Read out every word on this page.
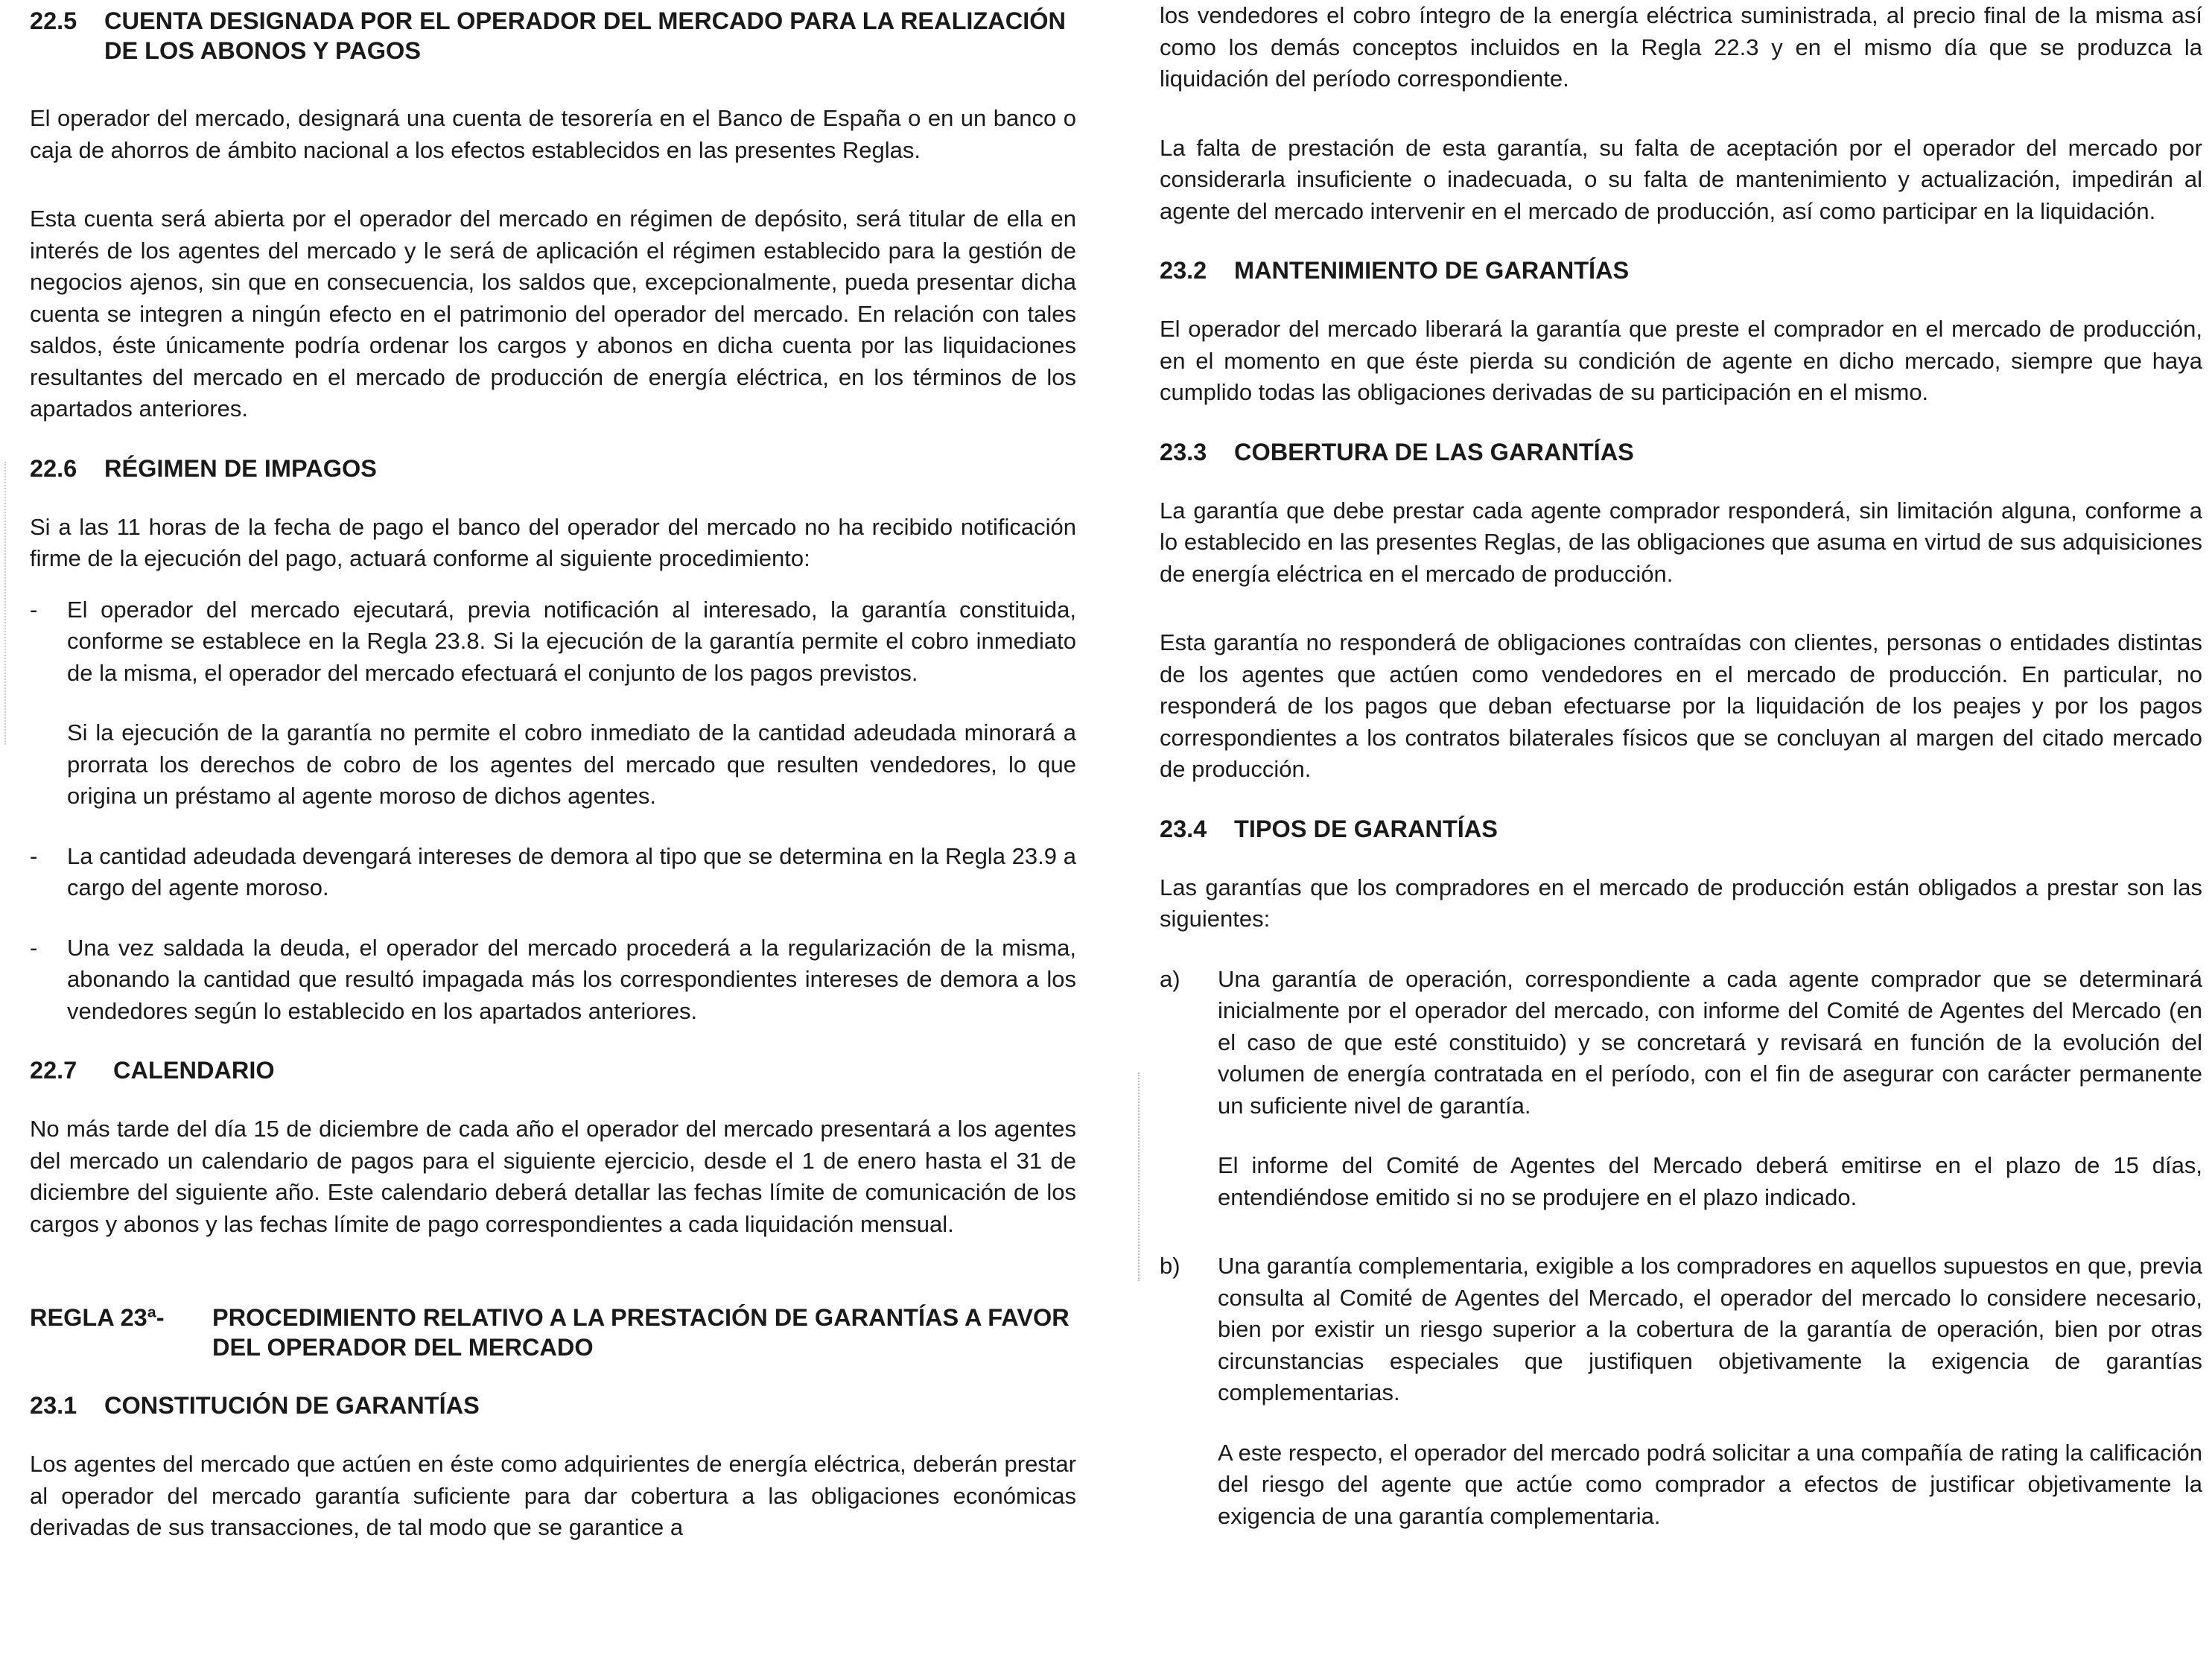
22.5	CUENTA DESIGNADA POR EL OPERADOR DEL MERCADO PARA LA REALIZACIÓN DE LOS ABONOS Y PAGOS

El operador del mercado, designará una cuenta de tesorería en el Banco de España o en un banco o caja de ahorros de ámbito nacional a los efectos establecidos en las presentes Reglas.

Esta cuenta será abierta por el operador del mercado en régimen de depósito, será titular de ella en interés de los agentes del mercado y le será de aplicación el régimen establecido para la gestión de negocios ajenos, sin que en consecuencia, los saldos que, excepcionalmente, pueda presentar dicha cuenta se integren a ningún efecto en el patrimonio del operador del mercado. En relación con tales saldos, éste únicamente podría ordenar los cargos y abonos en dicha cuenta por las liquidaciones resultantes del mercado en el mercado de producción de energía eléctrica, en los términos de los apartados anteriores.

22.6	RÉGIMEN DE IMPAGOS

Si a las 11 horas de la fecha de pago el banco del operador del mercado no ha recibido notificación firme de la ejecución del pago, actuará conforme al siguiente procedimiento:

-	El operador del mercado ejecutará, previa notificación al interesado, la garantía constituida, conforme se establece en la Regla 23.8. Si la ejecución de la garantía permite el cobro inmediato de la misma, el operador del mercado efectuará el conjunto de los pagos previstos.

Si la ejecución de la garantía no permite el cobro inmediato de la cantidad adeudada minorará a prorrata los derechos de cobro de los agentes del mercado que resulten vendedores, lo que origina un préstamo al agente moroso de dichos agentes.

-	La cantidad adeudada devengará intereses de demora al tipo que se determina en la Regla 23.9 a cargo del agente moroso.

-	Una vez saldada la deuda, el operador del mercado procederá a la regularización de la misma, abonando la cantidad que resultó impagada más los correspondientes intereses de demora a los vendedores según lo establecido en los apartados anteriores.

22.7	CALENDARIO

No más tarde del día 15 de diciembre de cada año el operador del mercado presentará a los agentes del mercado un calendario de pagos para el siguiente ejercicio, desde el 1 de enero hasta el 31 de diciembre del siguiente año. Este calendario deberá detallar las fechas límite de comunicación de los cargos y abonos y las fechas límite de pago correspondientes a cada liquidación mensual.

REGLA 23ª-	PROCEDIMIENTO RELATIVO A LA PRESTACIÓN DE GARANTÍAS A FAVOR DEL OPERADOR DEL MERCADO
23.1	CONSTITUCIÓN DE GARANTÍAS

Los agentes del mercado que actúen en éste como adquirientes de energía eléctrica, deberán prestar al operador del mercado garantía suficiente para dar cobertura a las obligaciones económicas derivadas de sus transacciones, de tal modo que se garantice a

los vendedores el cobro íntegro de la energía eléctrica suministrada, al precio final de la misma así como los demás conceptos incluidos en la Regla 22.3 y en el mismo día que se produzca la liquidación del período correspondiente.

La falta de prestación de esta garantía, su falta de aceptación por el operador del mercado por considerarla insuficiente o inadecuada, o su falta de mantenimiento y actualización, impedirán al agente del mercado intervenir en el mercado de producción, así como participar en la liquidación.

23.2	MANTENIMIENTO DE GARANTÍAS

El operador del mercado liberará la garantía que preste el comprador en el mercado de producción, en el momento en que éste pierda su condición de agente en dicho mercado, siempre que haya cumplido todas las obligaciones derivadas de su participación en el mismo.

23.3	COBERTURA DE LAS GARANTÍAS

La garantía que debe prestar cada agente comprador responderá, sin limitación alguna, conforme a lo establecido en las presentes Reglas, de las obligaciones que asuma en virtud de sus adquisiciones de energía eléctrica en el mercado de producción.

Esta garantía no responderá de obligaciones contraídas con clientes, personas o entidades distintas de los agentes que actúen como vendedores en el mercado de producción. En particular, no responderá de los pagos que deban efectuarse por la liquidación de los peajes y por los pagos correspondientes a los contratos bilaterales físicos que se concluyan al margen del citado mercado de producción.

23.4	TIPOS DE GARANTÍAS

Las garantías que los compradores en el mercado de producción están obligados a prestar son las siguientes:

a)	Una garantía de operación, correspondiente a cada agente comprador que se determinará inicialmente por el operador del mercado, con informe del Comité de Agentes del Mercado (en el caso de que esté constituido) y se concretará y revisará en función de la evolución del volumen de energía contratada en el período, con el fin de asegurar con carácter permanente un suficiente nivel de garantía.

El informe del Comité de Agentes del Mercado deberá emitirse en el plazo de 15 días, entendiéndose emitido si no se produjere en el plazo indicado.

b)	Una garantía complementaria, exigible a los compradores en aquellos supuestos en que, previa consulta al Comité de Agentes del Mercado, el operador del mercado lo considere necesario, bien por existir un riesgo superior a la cobertura de la garantía de operación, bien por otras circunstancias especiales que justifiquen objetivamente la exigencia de garantías complementarias.

A este respecto, el operador del mercado podrá solicitar a una compañía de rating la calificación del riesgo del agente que actúe como comprador a efectos de justificar objetivamente la exigencia de una garantía complementaria.
